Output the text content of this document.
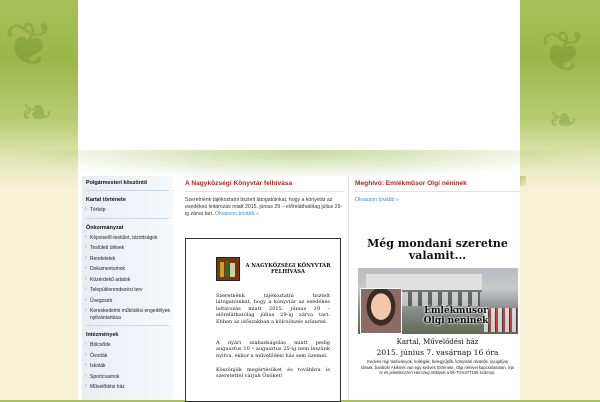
❦
❧
❦
❧
Polgármesteri köszöntő
Kartal története
› Térkép
Önkormányzat
› Képviselő-testület, bizottságok
› Testületi ülések
› Rendeletek
› Dokumentumok
› Közérdekű adatok
› Településrendezési terv
› Üvegzseb
› Kereskedelmi működési engedélyek nyilvántartása
Intézmények
› Bölcsőde
› Óvodák
› Iskolák
› Sportcsarnok
› Művelődési ház
A Nagyközségi Könyvtár felhívása
Szeretnénk tájékoztatni tisztelt látogatóinkat, hogy a könyvtár az esedékes leltározás miatt 2015. június 29 – előreláthatólag július 29-ig zárva tart. Olvasson tovább »
A NAGYKÖZSÉGI KÖNYVTÁR FELHÍVÁSA
Szeretnénk tájékoztatni tisztelt látogatóinkat, hogy a könyvtár az esedékes leltározás miatt 2015. június 29 – előreláthatólag július 29-ig zárva tart. Ebben az időszakban a kölcsönzés szünetel.
A nyári szabadságolás miatt pedig augusztus 10 – augusztus 25-ig nem leszünk nyitva, ekkor a művelődési ház sem üzemel.
Köszönjük megértésüket és továbbra is szeretettel várjuk Önöket!
Meghívó: Emlékműsor Olgi néninek
Olvasson tovább »
Még mondani szeretne valamit...
Emlékműsor Olgi néninek
Kartal, Művelődési ház
2015. június 7. vasárnap 16 óra
Kedves régi tanítványok, kollégák, belegyűjtők, könyvtári olvasók, nyugdíjas társak, barátok! Akiknek van egy kedves története, Olgi nénivel kapcsolatosan, írja le és jelentkezzen Herczeg Attilánál a 06-70-5377108 számon.
